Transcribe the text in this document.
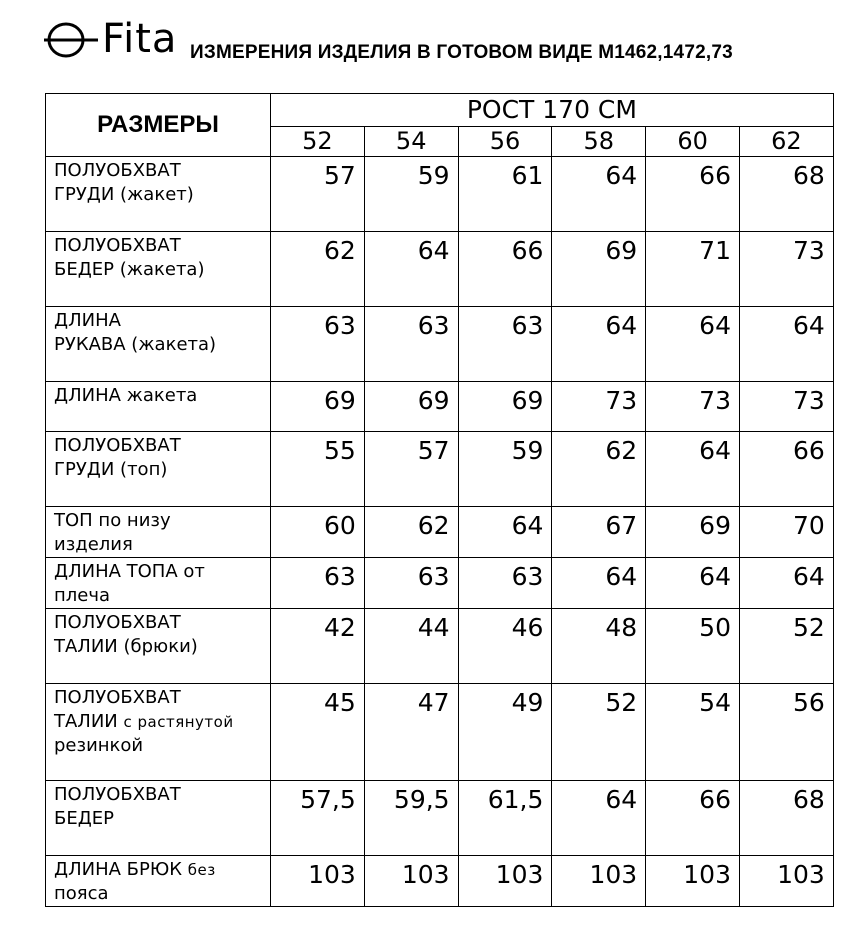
Fita ИЗМЕРЕНИЯ ИЗДЕЛИЯ В ГОТОВОМ ВИДЕ М1462,1472,73
РАЗМЕРЫ	РОСТ 170 СМ					
	52	54	56	58	60	62

ПОЛУОБХВАТ
ГРУДИ (жакет)	57	59	61	64	66	68

ПОЛУОБХВАТ
БЕДЕР (жакета)	62	64	66	69	71	73

ДЛИНА
РУКАВА (жакета)	63	63	63	64	64	64

ДЛИНА жакета	69	69	69	73	73	73

ПОЛУОБХВАТ
ГРУДИ (топ)	55	57	59	62	64	66

ТОП по низу
изделия	60	62	64	67	69	70

ДЛИНА ТОПА от
плеча	63	63	63	64	64	64

ПОЛУОБХВАТ
ТАЛИИ (брюки)	42	44	46	48	50	52

ПОЛУОБХВАТ
ТАЛИИ с растянутой
резинкой	45	47	49	52	54	56

ПОЛУОБХВАТ
БЕДЕР	57,5	59,5	61,5	64	66	68

ДЛИНА БРЮК без
пояса	103	103	103	103	103	103
